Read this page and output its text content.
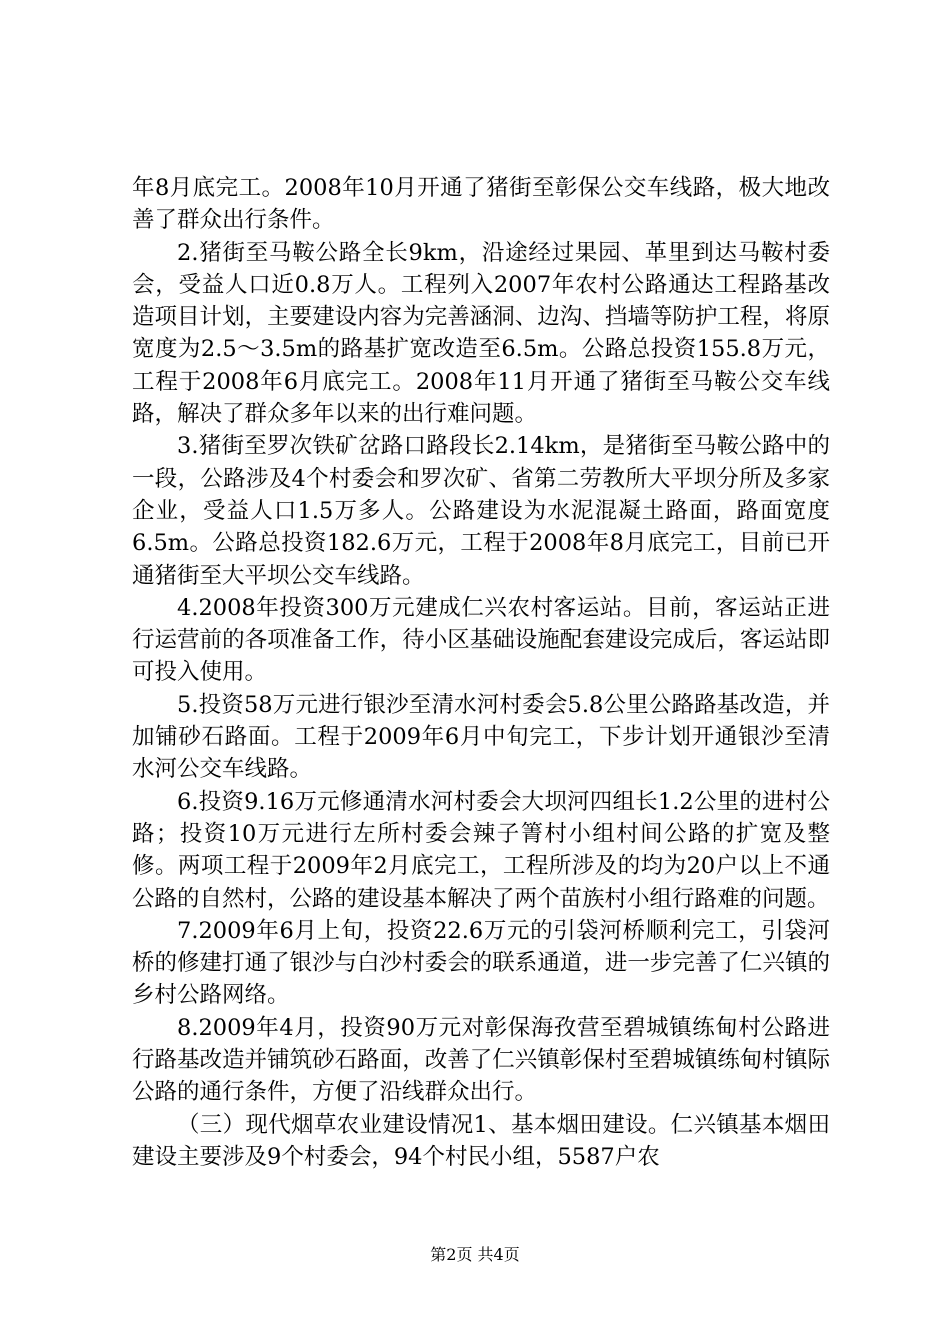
年8月底完工。2008年10月开通了猪街至彰保公交车线路，极大地改善了群众出行条件。

2.猪街至马鞍公路全长9km，沿途经过果园、革里到达马鞍村委会，受益人口近0.8万人。工程列入2007年农村公路通达工程路基改造项目计划，主要建设内容为完善涵洞、边沟、挡墙等防护工程，将原宽度为2.5～3.5m的路基扩宽改造至6.5m。公路总投资155.8万元，工程于2008年6月底完工。2008年11月开通了猪街至马鞍公交车线路，解决了群众多年以来的出行难问题。

3.猪街至罗次铁矿岔路口路段长2.14km，是猪街至马鞍公路中的一段，公路涉及4个村委会和罗次矿、省第二劳教所大平坝分所及多家企业，受益人口1.5万多人。公路建设为水泥混凝土路面，路面宽度6.5m。公路总投资182.6万元，工程于2008年8月底完工，目前已开通猪街至大平坝公交车线路。

4.2008年投资300万元建成仁兴农村客运站。目前，客运站正进行运营前的各项准备工作，待小区基础设施配套建设完成后，客运站即可投入使用。

5.投资58万元进行银沙至清水河村委会5.8公里公路路基改造，并加铺砂石路面。工程于2009年6月中旬完工，下步计划开通银沙至清水河公交车线路。

6.投资9.16万元修通清水河村委会大坝河四组长1.2公里的进村公路；投资10万元进行左所村委会辣子箐村小组村间公路的扩宽及整修。两项工程于2009年2月底完工，工程所涉及的均为20户以上不通公路的自然村，公路的建设基本解决了两个苗族村小组行路难的问题。

7.2009年6月上旬，投资22.6万元的引袋河桥顺利完工，引袋河桥的修建打通了银沙与白沙村委会的联系通道，进一步完善了仁兴镇的乡村公路网络。

8.2009年4月，投资90万元对彰保海孜营至碧城镇练甸村公路进行路基改造并铺筑砂石路面，改善了仁兴镇彰保村至碧城镇练甸村镇际公路的通行条件，方便了沿线群众出行。

（三）现代烟草农业建设情况1、基本烟田建设。仁兴镇基本烟田建设主要涉及9个村委会，94个村民小组，5587户农

第2页 共4页
